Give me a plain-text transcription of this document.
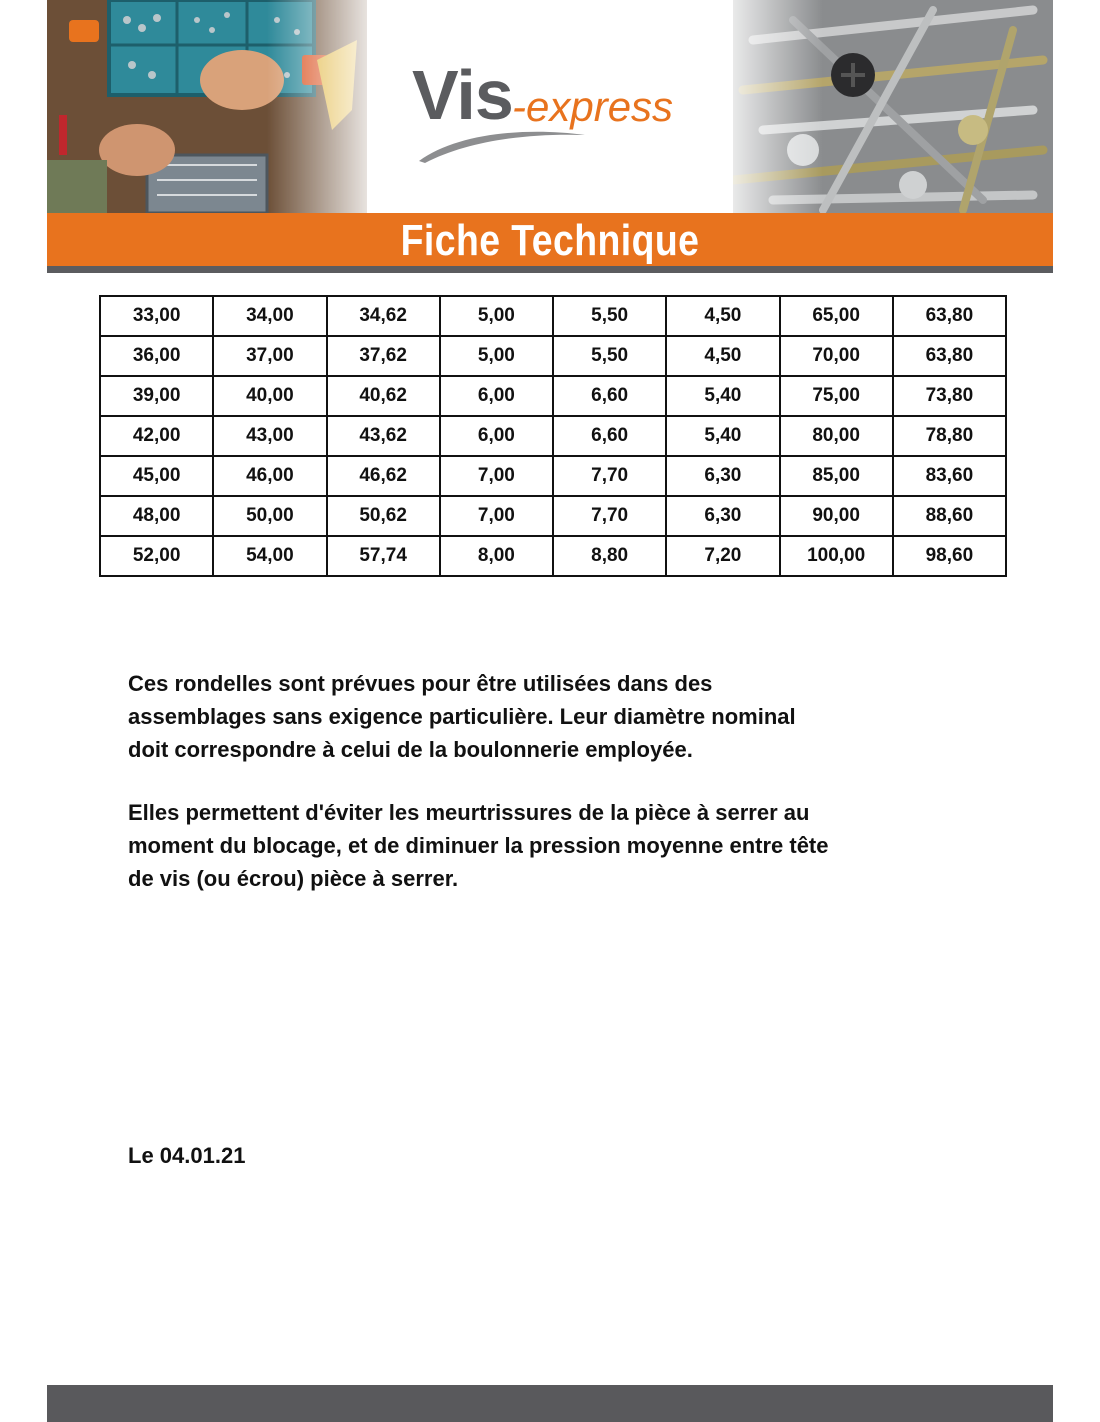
Vis -express
Fiche Technique
33,00	34,00	34,62	5,00	5,50	4,50	65,00	63,80
36,00	37,00	37,62	5,00	5,50	4,50	70,00	63,80
39,00	40,00	40,62	6,00	6,60	5,40	75,00	73,80
42,00	43,00	43,62	6,00	6,60	5,40	80,00	78,80
45,00	46,00	46,62	7,00	7,70	6,30	85,00	83,60
48,00	50,00	50,62	7,00	7,70	6,30	90,00	88,60
52,00	54,00	57,74	8,00	8,80	7,20	100,00	98,60
Ces rondelles sont prévues pour être utilisées dans des
assemblages sans exigence particulière. Leur diamètre nominal
doit correspondre à celui de la boulonnerie employée.
Elles permettent d'éviter les meurtrissures de la pièce à serrer au
moment du blocage, et de diminuer la pression moyenne entre tête
de vis (ou écrou) pièce à serrer.
Le 04.01.21
